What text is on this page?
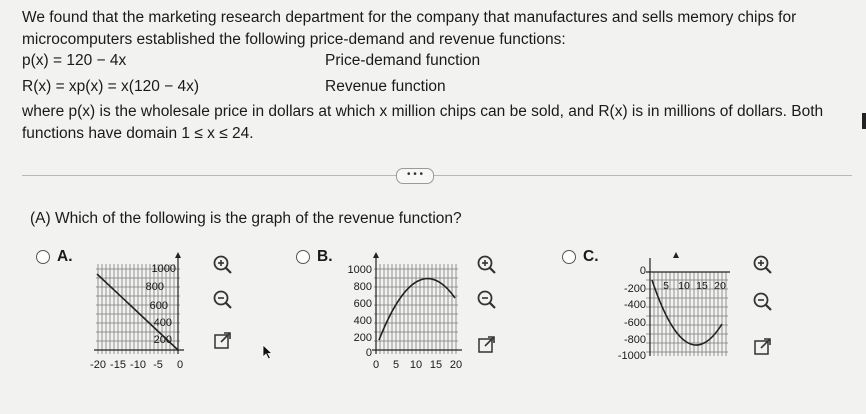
We found that the marketing research department for the company that manufactures and sells memory chips for microcomputers established the following price-demand and revenue functions:
p(x) = 120 − 4x	Price-demand function
R(x) = xp(x) = x(120 − 4x)	Revenue function
where p(x) is the wholesale price in dollars at which x million chips can be sold, and R(x) is in millions of dollars. Both functions have domain 1 ≤ x ≤ 24.
• • •
(A) Which of the following is the graph of the revenue function?
A.
1000
800
600
400
200
-20 -15 -10 -5 0
B.
1000
800
600
400
200
0
0 5 10 15 20
C.
0
-200
-400
-600
-800
-1000
5 10 15 20
